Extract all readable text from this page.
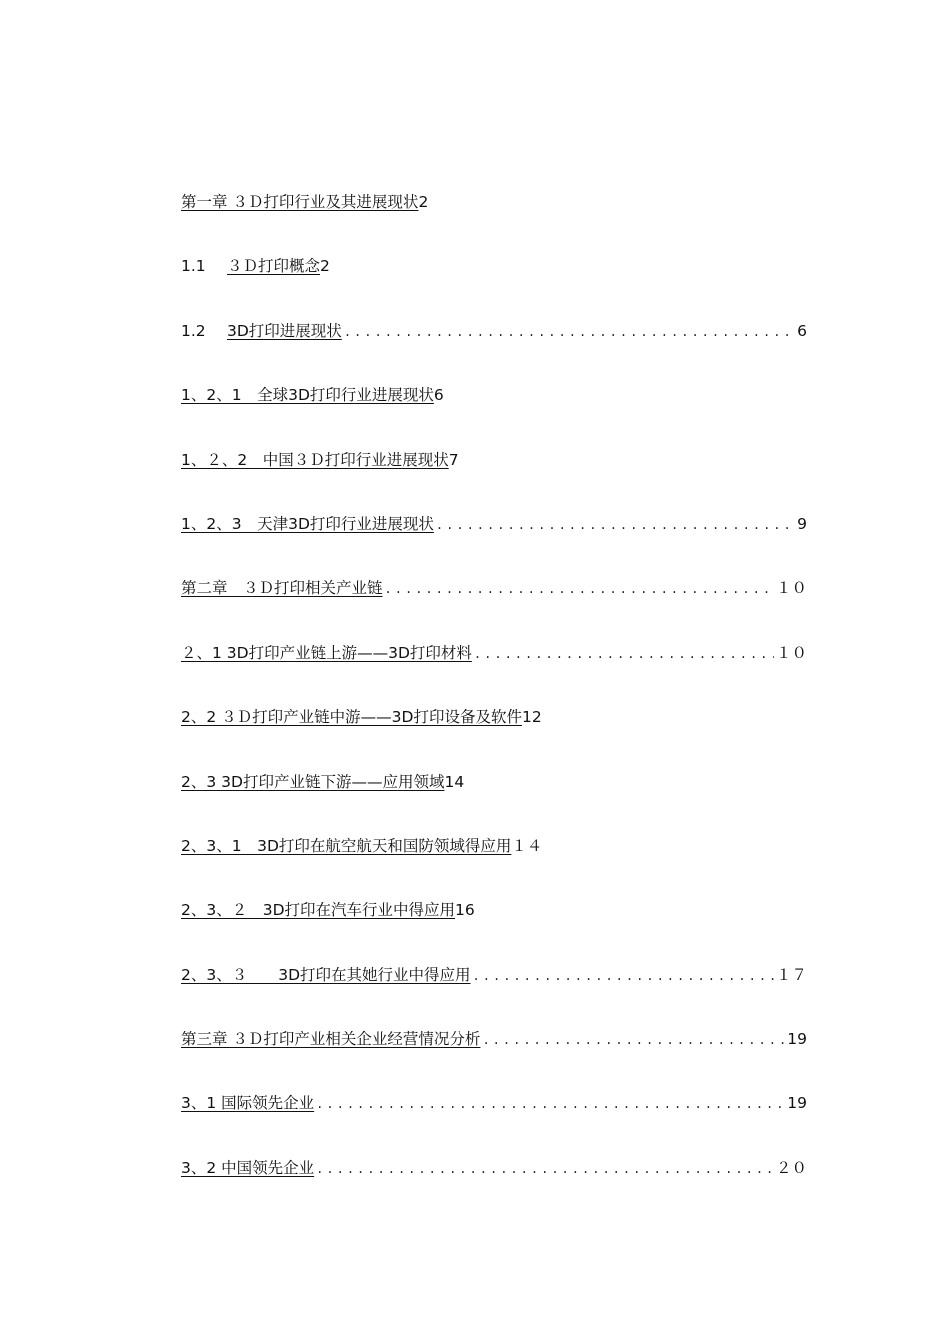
第一章 ３Ｄ打印行业及其进展现状 2
1.1	３Ｄ打印概念 2
1.2	3D打印进展现状 .....	6
1、2、1　全球3D打印行业进展现状 6
1、２、2　中国３Ｄ打印行业进展现状 7
1、2、3　天津3D打印行业进展现状 .....	9
第二章　３Ｄ打印相关产业链 .....	１０
２、1 3D打印产业链上游——3D打印材料 .....	１０
2、2 ３Ｄ打印产业链中游——3D打印设备及软件 12
2、3 3D打印产业链下游——应用领域 14
2、3、1　3D打印在航空航天和国防领域得应用 １４
2、3、２　3D打印在汽车行业中得应用 16
2、3、３　　3D打印在其她行业中得应用 .....	１７
第三章 ３Ｄ打印产业相关企业经营情况分析 .....	19
3、1 国际领先企业 .....	19
3、2 中国领先企业 .....	２０
